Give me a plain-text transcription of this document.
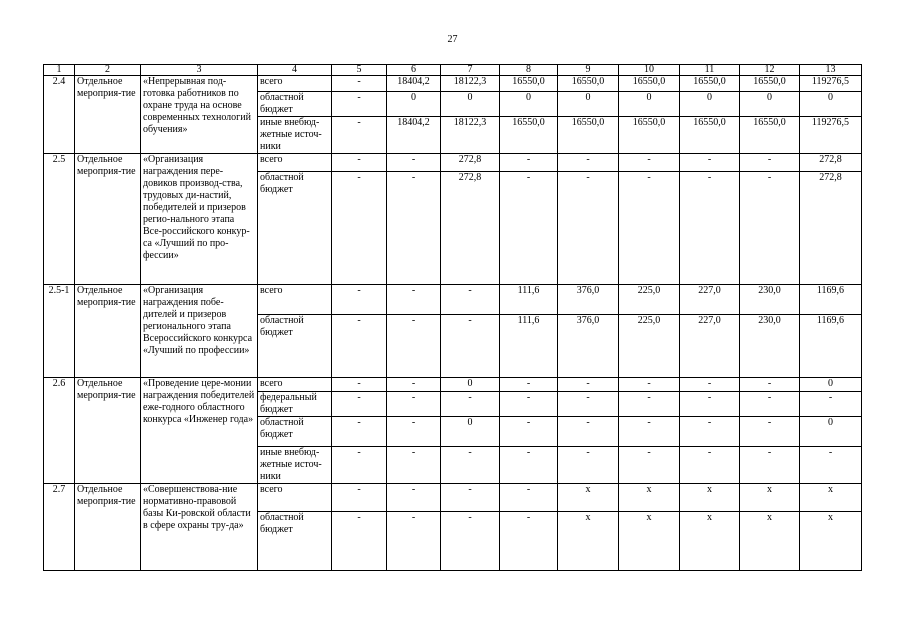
27
1	2	3	4	5	6	7	8	9	10	11	12	13
2.4	Отдельное мероприя-тие	«Непрерывная под-готовка работников по охране труда на основе современных технологий обучения»	всего	-	18404,2	18122,3	16550,0	16550,0	16550,0	16550,0	16550,0	119276,5
			областной бюджет	-	0	0	0	0	0	0	0	0
			иные внебюд-жетные источ-ники	-	18404,2	18122,3	16550,0	16550,0	16550,0	16550,0	16550,0	119276,5
2.5	Отдельное мероприя-тие	«Организация награждения пере-довиков производ-ства, трудовых ди-настий, победителей и призеров регио-нального этапа Все-российского конкур-са «Лучший по про-фессии»	всего	-	-	272,8	-	-	-	-	-	272,8
			областной бюджет	-	-	272,8	-	-	-	-	-	272,8
2.5-1	Отдельное мероприя-тие	«Организация награждения побе-дителей и призеров регионального этапа Всероссийского конкурса «Лучший по профессии»	всего	-	-	-	111,6	376,0	225,0	227,0	230,0	1169,6
			областной бюджет	-	-	-	111,6	376,0	225,0	227,0	230,0	1169,6
2.6	Отдельное мероприя-тие	«Проведение цере-монии награждения победителей еже-годного областного конкурса «Инженер года»	всего	-	-	0	-	-	-	-	-	0
			федеральный бюджет	-	-	-	-	-	-	-	-	-
			областной бюджет	-	-	0	-	-	-	-	-	0
			иные внебюд-жетные источ-ники	-	-	-	-	-	-	-	-	-
2.7	Отдельное мероприя-тие	«Совершенствова-ние нормативно-правовой базы Ки-ровской области в сфере охраны тру-да»	всего	-	-	-	-	x	x	x	x	x
			областной бюджет	-	-	-	-	x	x	x	x	x
